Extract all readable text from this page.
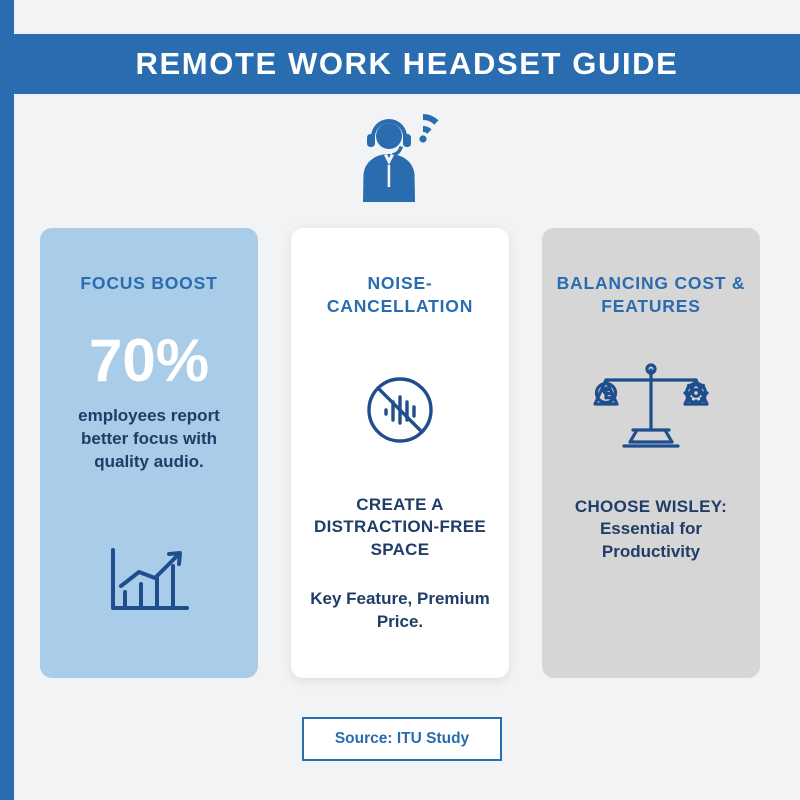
REMOTE WORK HEADSET GUIDE
FOCUS BOOST
70%
employees report better focus with quality audio.
NOISE-CANCELLATION
CREATE A DISTRACTION-FREE SPACE
Key Feature, Premium Price.
BALANCING COST & FEATURES
CHOOSE WISLEY:
Essential for Productivity
Source: ITU Study
